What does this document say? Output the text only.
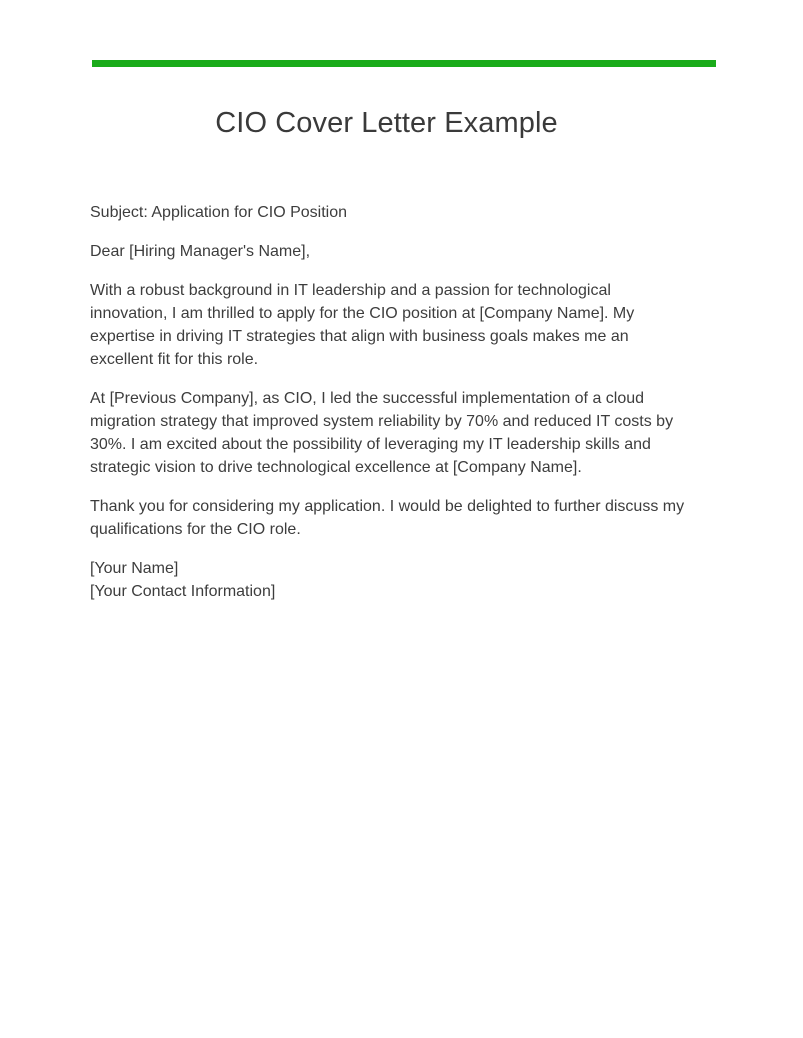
CIO Cover Letter Example

Subject: Application for CIO Position

Dear [Hiring Manager's Name],

With a robust background in IT leadership and a passion for technological innovation, I am thrilled to apply for the CIO position at [Company Name]. My expertise in driving IT strategies that align with business goals makes me an excellent fit for this role.

At [Previous Company], as CIO, I led the successful implementation of a cloud migration strategy that improved system reliability by 70% and reduced IT costs by 30%. I am excited about the possibility of leveraging my IT leadership skills and strategic vision to drive technological excellence at [Company Name].

Thank you for considering my application. I would be delighted to further discuss my qualifications for the CIO role.

[Your Name]
[Your Contact Information]
